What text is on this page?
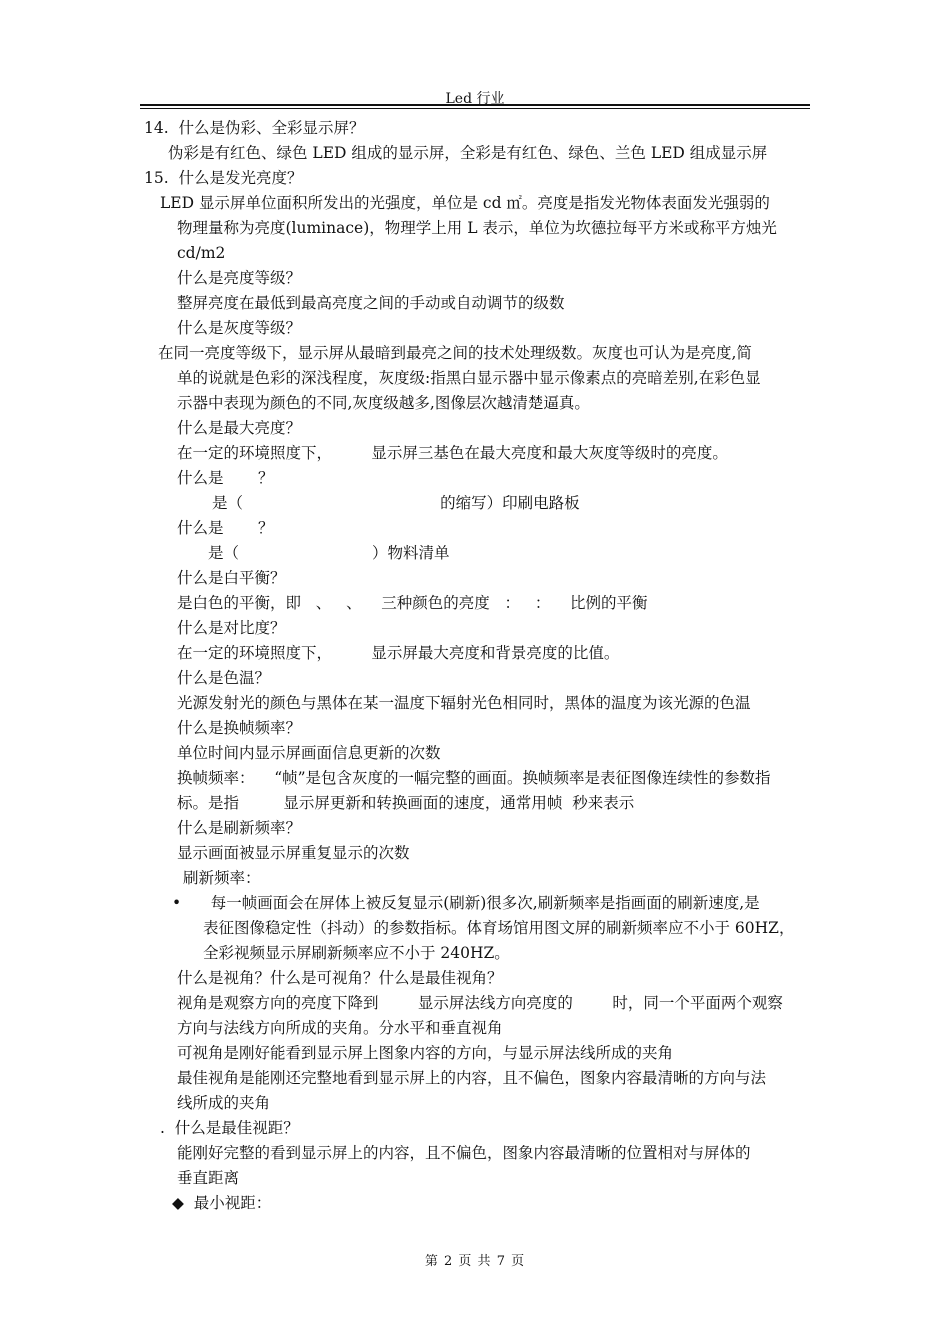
Led 行业
14.  什么是伪彩、全彩显示屏？
伪彩是有红色、绿色 LED 组成的显示屏，全彩是有红色、绿色、兰色 LED 组成显示屏
15.  什么是发光亮度？
LED 显示屏单位面积所发出的光强度，单位是 cd ㎡。亮度是指发光物体表面发光强弱的
物理量称为亮度(luminace)，物理学上用 L 表示，单位为坎德拉每平方米或称平方烛光
cd/m2
什么是亮度等级？
整屏亮度在最低到最高亮度之间的手动或自动调节的级数
什么是灰度等级？
在同一亮度等级下，显示屏从最暗到最亮之间的技术处理级数。灰度也可认为是亮度,简
单的说就是色彩的深浅程度，灰度级:指黑白显示器中显示像素点的亮暗差别,在彩色显
示器中表现为颜色的不同,灰度级越多,图像层次越清楚逼真。
什么是最大亮度？
在一定的环境照度下，        显示屏三基色在最大亮度和最大灰度等级时的亮度。
什么是       ？
是（                                        的缩写）印刷电路板
什么是       ？
是（                           ）物料清单
什么是白平衡？
是白色的平衡，即   、   、    三种颜色的亮度   ：   ：    比例的平衡
什么是对比度？
在一定的环境照度下，        显示屏最大亮度和背景亮度的比值。
什么是色温？
光源发射光的颜色与黑体在某一温度下辐射光色相同时，黑体的温度为该光源的色温
什么是换帧频率？
单位时间内显示屏画面信息更新的次数
换帧频率：    “帧”是包含灰度的一幅完整的画面。换帧频率是表征图像连续性的参数指
标。是指         显示屏更新和转换画面的速度，通常用帧  秒来表示
什么是刷新频率？
显示画面被显示屏重复显示的次数
刷新频率：
•      每一帧画面会在屏体上被反复显示(刷新)很多次,刷新频率是指画面的刷新速度,是
表征图像稳定性（抖动）的参数指标。体育场馆用图文屏的刷新频率应不小于 60HZ，
全彩视频显示屏刷新频率应不小于 240HZ。
什么是视角？什么是可视角？什么是最佳视角？
视角是观察方向的亮度下降到        显示屏法线方向亮度的        时，同一个平面两个观察
方向与法线方向所成的夹角。分水平和垂直视角
可视角是刚好能看到显示屏上图象内容的方向，与显示屏法线所成的夹角
最佳视角是能刚还完整地看到显示屏上的内容，且不偏色，图象内容最清晰的方向与法
线所成的夹角
.  什么是最佳视距？
能刚好完整的看到显示屏上的内容，且不偏色，图象内容最清晰的位置相对与屏体的
垂直距离
◆  最小视距：
第 2 页 共 7 页
